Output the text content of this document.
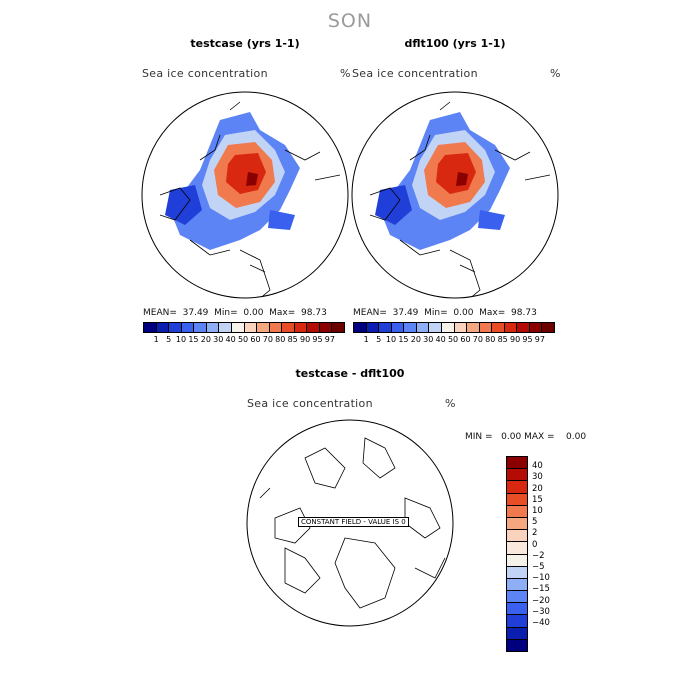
SON
testcase (yrs 1-1)
Sea ice concentration	%
MEAN= 37.49 Min= 0.00 Max= 98.73
1 5 10 15 20 30 40 50 60 70 80 85 90 95 97
dflt100 (yrs 1-1)
Sea ice concentration	%
MEAN= 37.49 Min= 0.00 Max= 98.73
1 5 10 15 20 30 40 50 60 70 80 85 90 95 97
testcase - dflt100
Sea ice concentration	%
CONSTANT FIELD - VALUE IS 0
MIN = 0.00 MAX = 0.00
40
30
20
15
10
5
2
0
−2
−5
−10
−15
−20
−30
−40
